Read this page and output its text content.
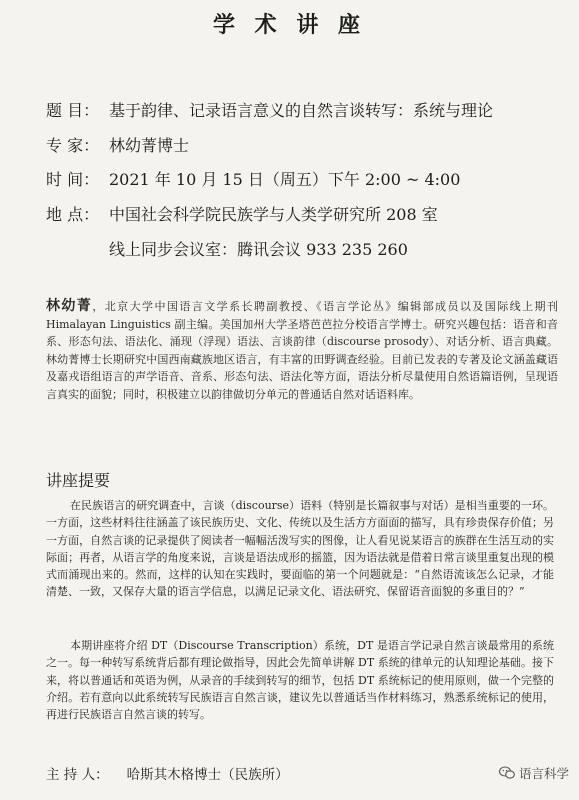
学 术 讲 座
题 目： 基于韵律、记录语言意义的自然言谈转写：系统与理论
专 家： 林幼菁博士
时 间： 2021 年 10 月 15 日（周五）下午 2:00 ~ 4:00
地 点： 中国社会科学院民族学与人类学研究所 208 室
线上同步会议室：腾讯会议 933 235 260
林幼菁，北京大学中国语言文学系长聘副教授、《语言学论丛》编辑部成员以及国际线上期刊 Himalayan Linguistics 副主编。美国加州大学圣塔芭芭拉分校语言学博士。研究兴趣包括：语音和音系、形态句法、语法化、涌现（浮现）语法、言谈韵律（discourse prosody）、对话分析、语言典藏。林幼菁博士长期研究中国西南藏族地区语言，有丰富的田野调查经验。目前已发表的专著及论文涵盖藏语及嘉戎语组语言的声学语音、音系、形态句法、语法化等方面，语法分析尽量使用自然语篇语例，呈现语言真实的面貌；同时，积极建立以韵律做切分单元的普通话自然对话语料库。
讲座提要
在民族语言的研究调查中，言谈（discourse）语料（特别是长篇叙事与对话）是相当重要的一环。一方面，这些材料往往涵盖了该民族历史、文化、传统以及生活方方面面的描写，具有珍贵保存价值；另一方面，自然言谈的记录提供了阅读者一幅幅活泼写实的图像，让人看见说某语言的族群在生活互动的实际面；再者，从语言学的角度来说，言谈是语法成形的摇篮，因为语法就是借着日常言谈里重复出现的模式而涌现出来的。然而，这样的认知在实践时，要面临的第一个问题就是：“自然语流该怎么记录，才能清楚、一致，又保存大量的语言学信息，以满足记录文化、语法研究、保留语音面貌的多重目的？”
本期讲座将介绍 DT（Discourse Transcription）系统，DT 是语言学记录自然言谈最常用的系统之一。每一种转写系统背后都有理论做指导，因此会先简单讲解 DT 系统的律单元的认知理论基础。接下来，将以普通话和英语为例，从录音的手续到转写的细节，包括 DT 系统标记的使用原则，做一个完整的介绍。若有意向以此系统转写民族语言自然言谈，建议先以普通话当作材料练习，熟悉系统标记的使用，再进行民族语言自然言谈的转写。
主 持 人： 哈斯其木格博士（民族所）	语言科学
